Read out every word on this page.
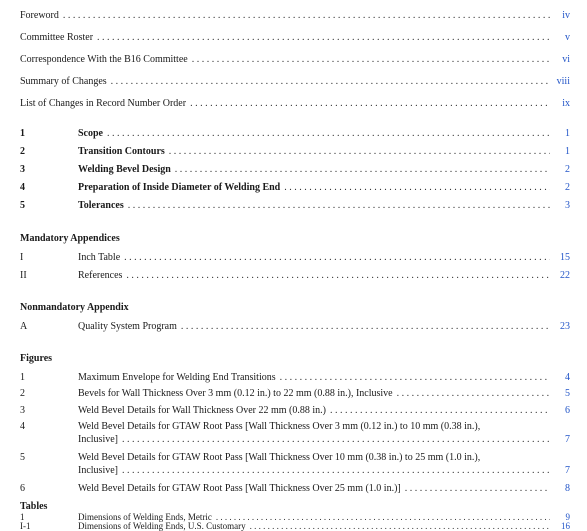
Foreword . . .	iv
Committee Roster . . .	v
Correspondence With the B16 Committee . . .	vi
Summary of Changes . . .	viii
List of Changes in Record Number Order . . .	ix
1	Scope . . .	1
2	Transition Contours . . .	1
3	Welding Bevel Design . . .	2
4	Preparation of Inside Diameter of Welding End . . .	2
5	Tolerances . . .	3
Mandatory Appendices
I	Inch Table . . .	15
II	References . . .	22
Nonmandatory Appendix
A	Quality System Program . . .	23
Figures
1	Maximum Envelope for Welding End Transitions . . .	4
2	Bevels for Wall Thickness Over 3 mm (0.12 in.) to 22 mm (0.88 in.), Inclusive . . .	5
3	Weld Bevel Details for Wall Thickness Over 22 mm (0.88 in.) . . .	6
4	Weld Bevel Details for GTAW Root Pass [Wall Thickness Over 3 mm (0.12 in.) to 10 mm (0.38 in.),
Inclusive] . . .	7
5	Weld Bevel Details for GTAW Root Pass [Wall Thickness Over 10 mm (0.38 in.) to 25 mm (1.0 in.),
Inclusive] . . .	7
6	Weld Bevel Details for GTAW Root Pass [Wall Thickness Over 25 mm (1.0 in.)] . . .	8
Tables
1	Dimensions of Welding Ends, Metric . . .	9
I-1	Dimensions of Welding Ends, U.S. Customary . . .	16
